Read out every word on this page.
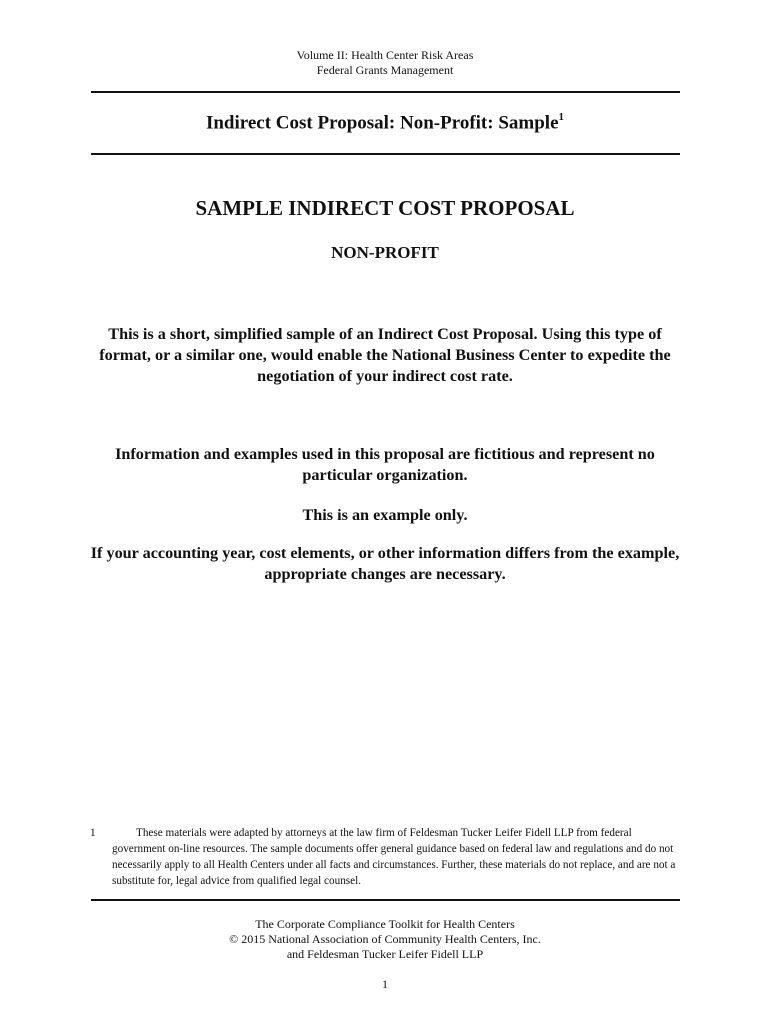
Volume II: Health Center Risk Areas
Federal Grants Management
Indirect Cost Proposal: Non-Profit: Sample$^1$
SAMPLE INDIRECT COST PROPOSAL
NON-PROFIT
This is a short, simplified sample of an Indirect Cost Proposal. Using this type of format, or a similar one, would enable the National Business Center to expedite the negotiation of your indirect cost rate.
Information and examples used in this proposal are fictitious and represent no particular organization.
This is an example only.
If your accounting year, cost elements, or other information differs from the example, appropriate changes are necessary.
1	These materials were adapted by attorneys at the law firm of Feldesman Tucker Leifer Fidell LLP from federal government on-line resources. The sample documents offer general guidance based on federal law and regulations and do not necessarily apply to all Health Centers under all facts and circumstances. Further, these materials do not replace, and are not a substitute for, legal advice from qualified legal counsel.
The Corporate Compliance Toolkit for Health Centers
© 2015 National Association of Community Health Centers, Inc.
and Feldesman Tucker Leifer Fidell LLP
1
